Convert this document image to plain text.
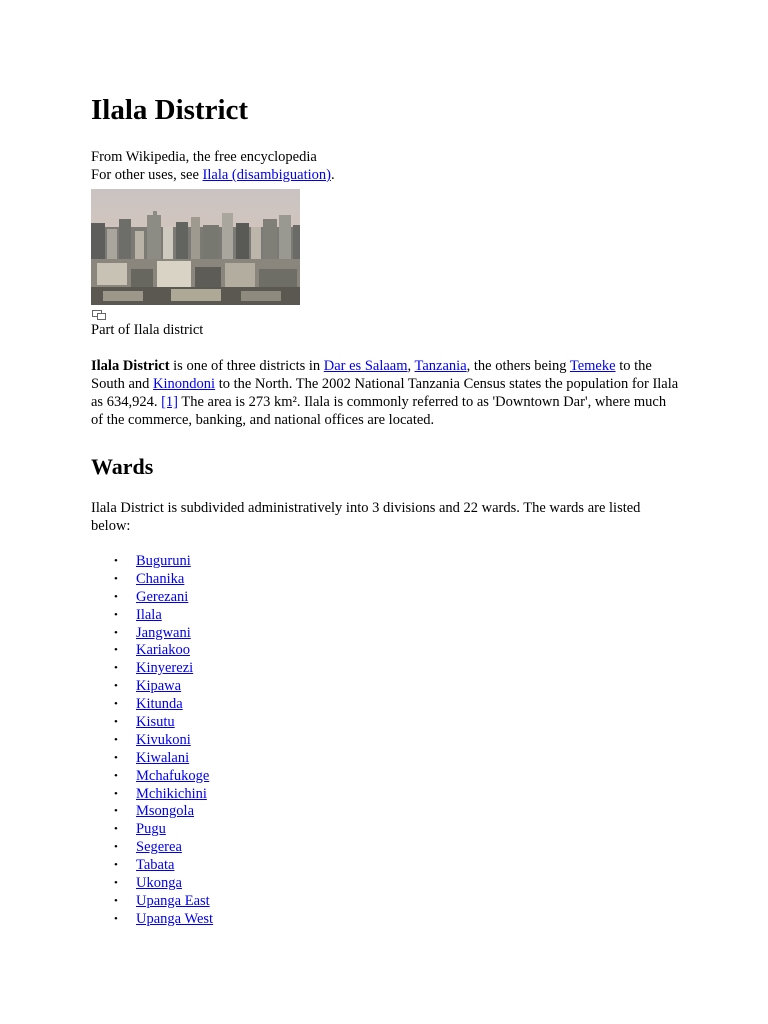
Ilala District
From Wikipedia, the free encyclopedia
For other uses, see Ilala (disambiguation).
Part of Ilala district

Ilala District is one of three districts in Dar es Salaam, Tanzania, the others being Temeke to the South and Kinondoni to the North. The 2002 National Tanzania Census states the population for Ilala as 634,924. [1] The area is 273 km². Ilala is commonly referred to as 'Downtown Dar', where much of the commerce, banking, and national offices are located.

Wards

Ilala District is subdivided administratively into 3 divisions and 22 wards. The wards are listed below:

• Buguruni
• Chanika
• Gerezani
• Ilala
• Jangwani
• Kariakoo
• Kinyerezi
• Kipawa
• Kitunda
• Kisutu
• Kivukoni
• Kiwalani
• Mchafukoge
• Mchikichini
• Msongola
• Pugu
• Segerea
• Tabata
• Ukonga
• Upanga East
• Upanga West
